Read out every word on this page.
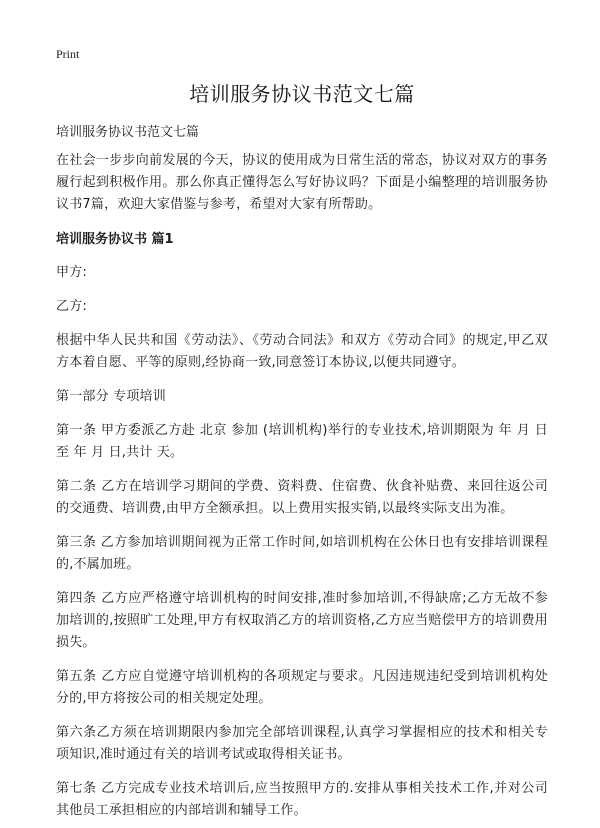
Print
培训服务协议书范文七篇
培训服务协议书范文七篇

在社会一步步向前发展的今天，协议的使用成为日常生活的常态，协议对双方的事务履行起到积极作用。那么你真正懂得怎么写好协议吗？下面是小编整理的培训服务协议书7篇，欢迎大家借鉴与参考，希望对大家有所帮助。

培训服务协议书 篇1

甲方:

乙方:

根据中华人民共和国《劳动法》、《劳动合同法》和双方《劳动合同》的规定,甲乙双方本着自愿、平等的原则,经协商一致,同意签订本协议,以便共同遵守。

第一部分 专项培训

第一条 甲方委派乙方赴 北京 参加 (培训机构)举行的专业技术,培训期限为 年 月 日至 年 月 日,共计 天。

第二条 乙方在培训学习期间的学费、资料费、住宿费、伙食补贴费、来回往返公司的交通费、培训费,由甲方全额承担。以上费用实报实销,以最终实际支出为准。

第三条 乙方参加培训期间视为正常工作时间,如培训机构在公休日也有安排培训课程的,不属加班。

第四条 乙方应严格遵守培训机构的时间安排,准时参加培训,不得缺席;乙方无故不参加培训的,按照旷工处理,甲方有权取消乙方的培训资格,乙方应当赔偿甲方的培训费用损失。

第五条 乙方应自觉遵守培训机构的各项规定与要求。凡因违规违纪受到培训机构处分的,甲方将按公司的相关规定处理。

第六条乙方须在培训期限内参加完全部培训课程,认真学习掌握相应的技术和相关专项知识,准时通过有关的培训考试或取得相关证书。

第七条 乙方完成专业技术培训后,应当按照甲方的.安排从事相关技术工作,并对公司其他员工承担相应的内部培训和辅导工作。
